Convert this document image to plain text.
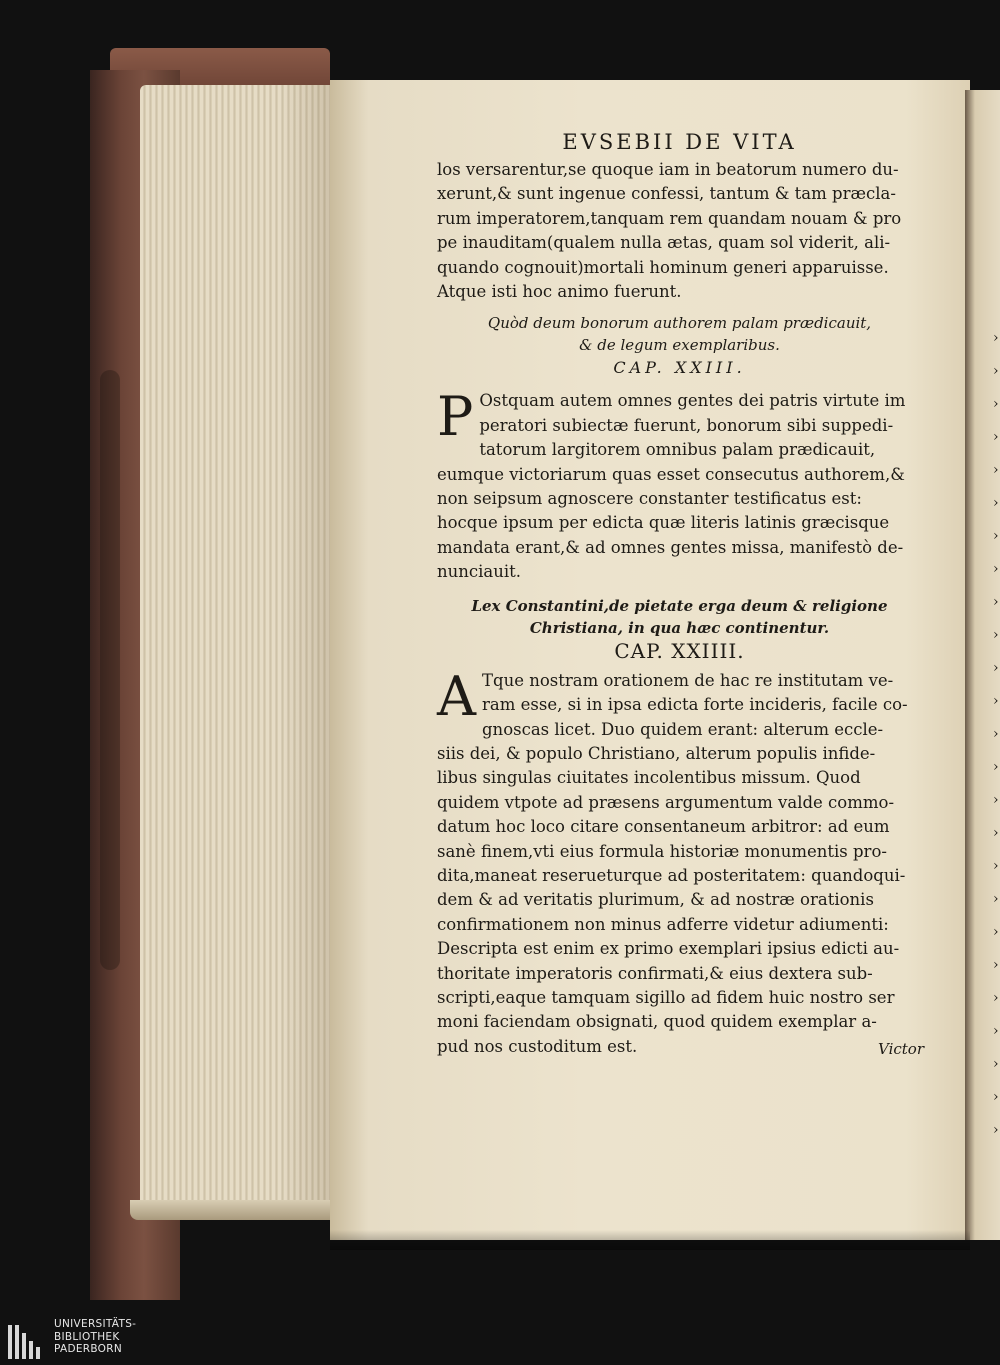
›
›
›
›
›
›
›
›
›
›
›
›
›
›
›
›
›
›
›
›
›
›
›
›
›
EVSEBII DE VITA
los versarentur,se quoque iam in beatorum numero du-
xerunt,& sunt ingenue confessi, tantum & tam præcla-
rum imperatorem,tanquam rem quandam nouam & pro
pe inauditam(qualem nulla ætas, quam sol viderit, ali-
quando cognouit)mortali hominum generi apparuisse.
Atque isti hoc animo fuerunt.
Quòd deum bonorum authorem palam prædicauit,
& de legum exemplaribus.
CAP. XXIII.
P Ostquam autem omnes gentes dei patris virtute im
peratori subiectæ fuerunt, bonorum sibi suppedi-
tatorum largitorem omnibus palam prædicauit,
eumque victoriarum quas esset consecutus authorem,&
non seipsum agnoscere constanter testificatus est:
hocque ipsum per edicta quæ literis latinis græcisque
mandata erant,& ad omnes gentes missa, manifestò de-
nunciauit.
Lex Constantini,de pietate erga deum & religione
Christiana, in qua hæc continentur.
CAP. XXIIII.
A Tque nostram orationem de hac re institutam ve-
ram esse, si in ipsa edicta forte incideris, facile co-
gnoscas licet. Duo quidem erant: alterum eccle-
siis dei, & populo Christiano, alterum populis infide-
libus singulas ciuitates incolentibus missum. Quod
quidem vtpote ad præsens argumentum valde commo-
datum hoc loco citare consentaneum arbitror: ad eum
sanè finem,vti eius formula historiæ monumentis pro-
dita,maneat reserueturque ad posteritatem: quandoqui-
dem & ad veritatis plurimum, & ad nostræ orationis
confirmationem non minus adferre videtur adiumenti:
Descripta est enim ex primo exemplari ipsius edicti au-
thoritate imperatoris confirmati,& eius dextera sub-
scripti,eaque tamquam sigillo ad fidem huic nostro ser
moni faciendam obsignati, quod quidem exemplar a-
pud nos custoditum est.	Victor
UNIVERSITÄTS-
BIBLIOTHEK
PADERBORN
